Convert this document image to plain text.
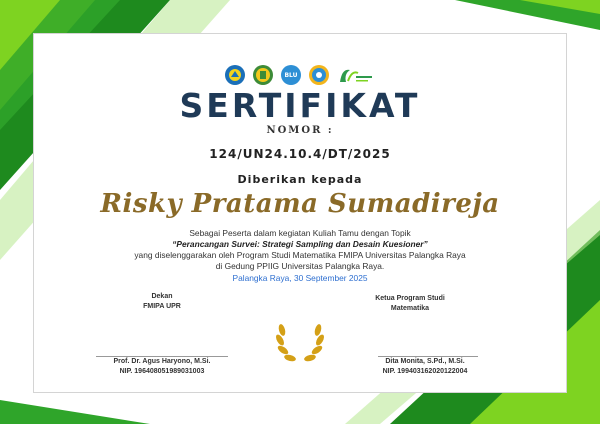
BLU
SERTIFIKAT
NOMOR :
124/UN24.10.4/DT/2025
Diberikan kepada
Risky Pratama Sumadireja
Sebagai Peserta dalam kegiatan Kuliah Tamu dengan Topik
“Perancangan Survei: Strategi Sampling dan Desain Kuesioner”
yang diselenggarakan oleh Program Studi Matematika FMIPA Universitas Palangka Raya
di Gedung PPIIG Universitas Palangka Raya.
Palangka Raya, 30 September 2025
Dekan
FMIPA UPR
Ketua Program Studi
Matematika
Prof. Dr. Agus Haryono, M.Si.
NIP. 196408051989031003
Dita Monita, S.Pd., M.Si.
NIP. 199403162020122004
